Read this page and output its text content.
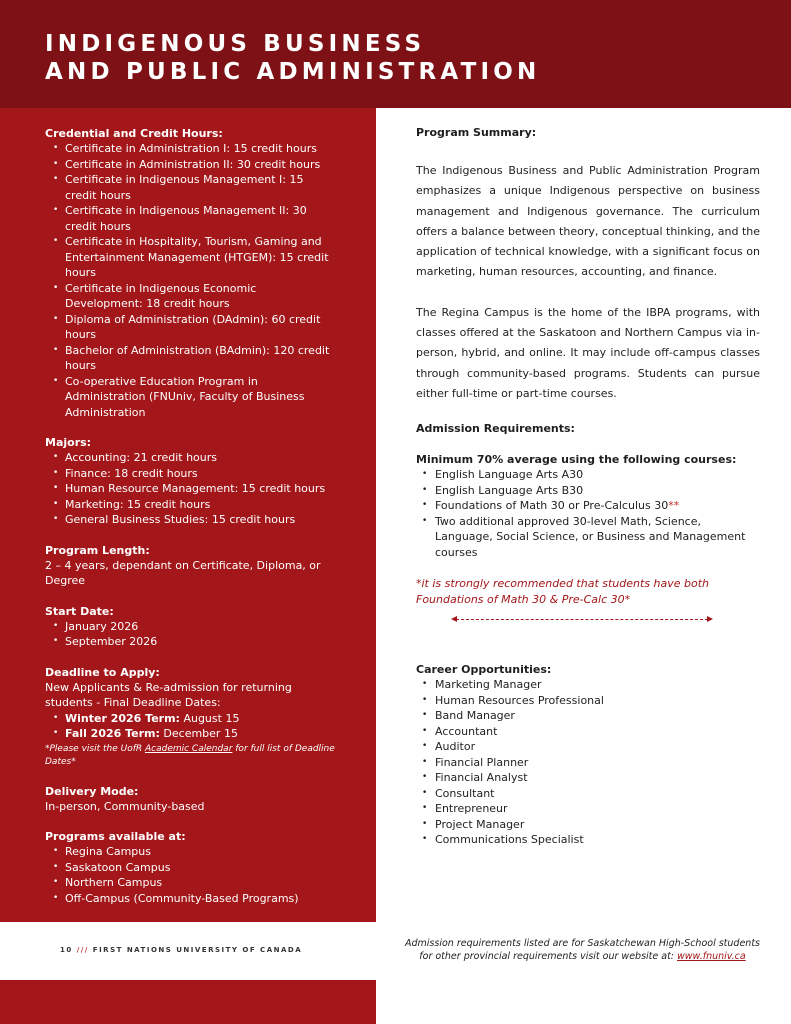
INDIGENOUS BUSINESS
AND PUBLIC ADMINISTRATION
Credential and Credit Hours:
• Certificate in Administration I: 15 credit hours
• Certificate in Administration II: 30 credit hours
• Certificate in Indigenous Management I: 15 credit hours
• Certificate in Indigenous Management II: 30 credit hours
• Certificate in Hospitality, Tourism, Gaming and Entertainment Management (HTGEM): 15 credit hours
• Certificate in Indigenous Economic Development: 18 credit hours
• Diploma of Administration (DAdmin): 60 credit hours
• Bachelor of Administration (BAdmin): 120 credit hours
• Co-operative Education Program in Administration (FNUniv, Faculty of Business Administration
Majors:
• Accounting: 21 credit hours
• Finance: 18 credit hours
• Human Resource Management: 15 credit hours
• Marketing: 15 credit hours
• General Business Studies: 15 credit hours
Program Length:

2 – 4 years, dependant on Certificate, Diploma, or Degree

Start Date:
• January 2026
• September 2026
Deadline to Apply:

New Applicants & Re-admission for returning students - Final Deadline Dates:

• Winter 2026 Term: August 15
• Fall 2026 Term: December 15
*Please visit the UofR Academic Calendar for full list of Deadline Dates*
Delivery Mode:

In-person, Community-based

Programs available at:
• Regina Campus
• Saskatoon Campus
• Northern Campus
• Off-Campus (Community-Based Programs)
Program Summary:

The Indigenous Business and Public Administration Program emphasizes a unique Indigenous perspective on business management and Indigenous governance. The curriculum offers a balance between theory, conceptual thinking, and the application of technical knowledge, with a significant focus on marketing, human resources, accounting, and finance.

The Regina Campus is the home of the IBPA programs, with classes offered at the Saskatoon and Northern Campus via in-person, hybrid, and online. It may include off-campus classes through community-based programs. Students can pursue either full-time or part-time courses.

Admission Requirements:
Minimum 70% average using the following courses:
• English Language Arts A30
• English Language Arts B30
• Foundations of Math 30 or Pre-Calculus 30**
• Two additional approved 30-level Math, Science, Language, Social Science, or Business and Management courses

*it is strongly recommended that students have both Foundations of Math 30 & Pre-Calc 30*

Career Opportunities:
• Marketing Manager
• Human Resources Professional
• Band Manager
• Accountant
• Auditor
• Financial Planner
• Financial Analyst
• Consultant
• Entrepreneur
• Project Manager
• Communications Specialist
10 /// FIRST NATIONS UNIVERSITY OF CANADA
Admission requirements listed are for Saskatchewan High-School students
for other provincial requirements visit our website at: www.fnuniv.ca
